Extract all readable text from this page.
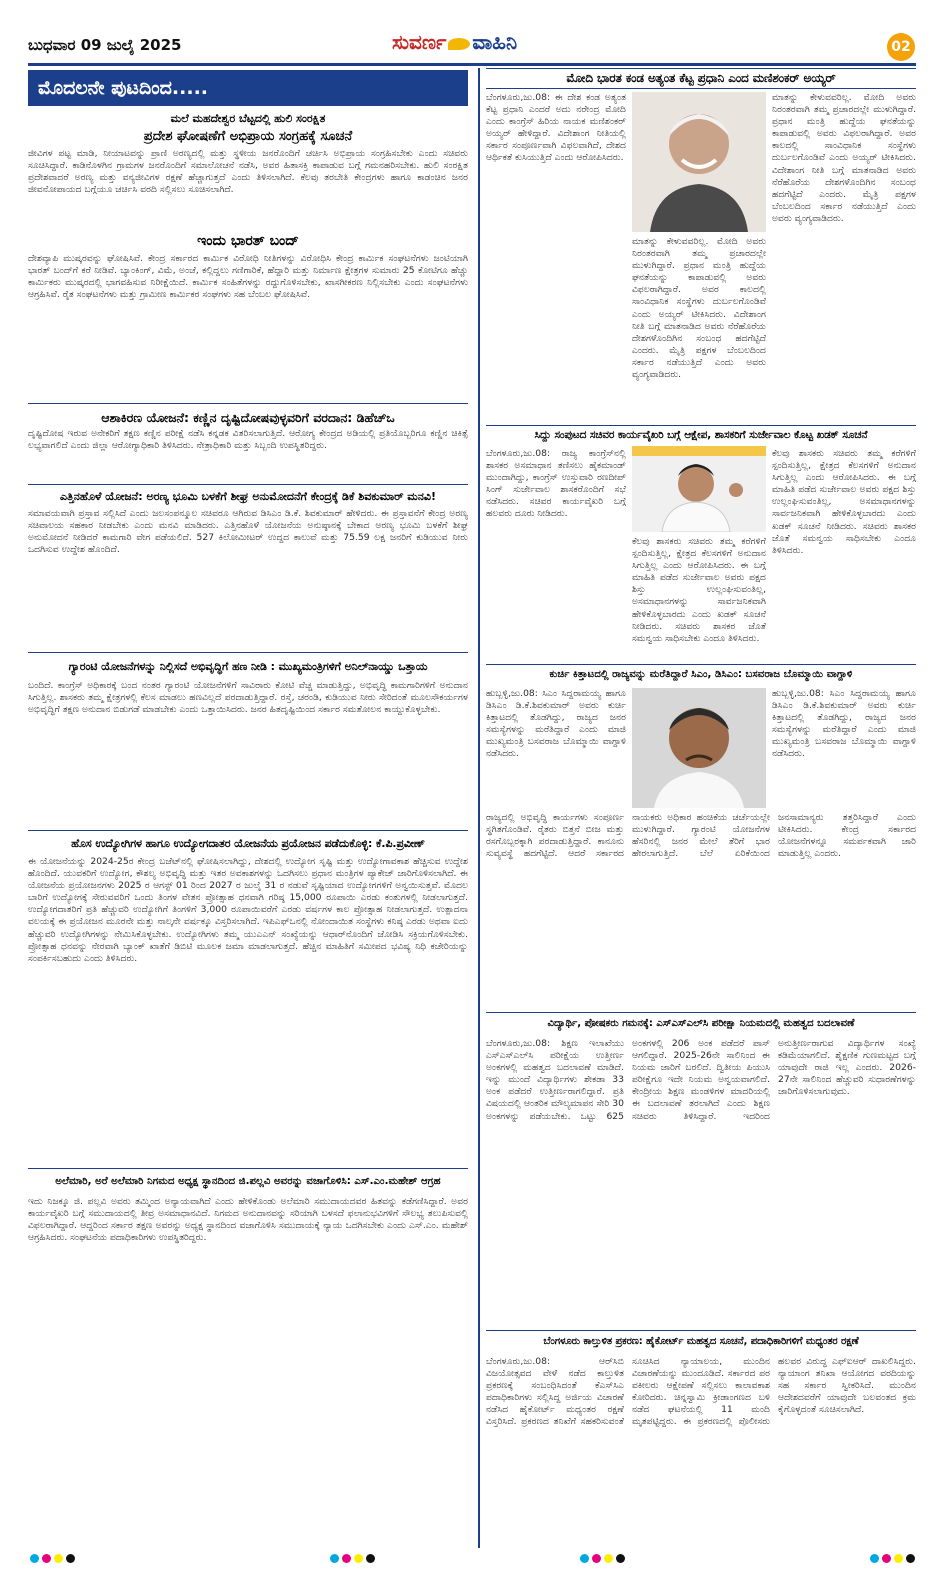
ಬುಧವಾರ 09 ಜುಲೈ 2025	ಸುವರ್ಣ ವಾಹಿನಿ	02
ಮೊದಲನೇ ಪುಟದಿಂದ.....
ಮಲೆ ಮಹದೇಶ್ವರ ಬೆಟ್ಟದಲ್ಲಿ ಹುಲಿ ಸಂರಕ್ಷಿತ
ಪ್ರದೇಶ ಘೋಷಣೆಗೆ ಅಭಿಪ್ರಾಯ ಸಂಗ್ರಹಕ್ಕೆ ಸೂಚನೆ
ಜೀವಿಗಳ ಪಟ್ಟ ಮಾಡಿ, ನೀಯಾಟವನ್ನು ಪ್ರಾಣಿ ಅರಣ್ಯದಲ್ಲಿ ಮತ್ತು ಸ್ಥಳೀಯ ಜನರೊಂದಿಗೆ ಚರ್ಚಿಸಿ ಅಭಿಪ್ರಾಯ ಸಂಗ್ರಹಿಸಬೇಕು ಎಂದು ಸಚಿವರು ಸೂಚಿಸಿದ್ದಾರೆ. ಕಾಡಿನೊಳಗಿನ ಗ್ರಾಮಗಳ ಜನರೊಂದಿಗೆ ಸಮಾಲೋಚನೆ ನಡೆಸಿ, ಅವರ ಹಿತಾಸಕ್ತಿ ಕಾಪಾಡುವ ಬಗ್ಗೆ ಗಮನಹರಿಸಬೇಕು. ಹುಲಿ ಸಂರಕ್ಷಿತ ಪ್ರದೇಶವಾದರೆ ಅರಣ್ಯ ಮತ್ತು ವನ್ಯಜೀವಿಗಳ ರಕ್ಷಣೆ ಹೆಚ್ಚಾಗುತ್ತದೆ ಎಂದು ತಿಳಿಸಲಾಗಿದೆ. ಕೆಲವು ತರಬೇತಿ ಕೇಂದ್ರಗಳು ಹಾಗೂ ಕಾಡಂಚಿನ ಜನರ ಜೀವನೋಪಾಯದ ಬಗ್ಗೆಯೂ ಚರ್ಚಿಸಿ ವರದಿ ಸಲ್ಲಿಸಲು ಸೂಚಿಸಲಾಗಿದೆ.
ಇಂದು ಭಾರತ್ ಬಂದ್
ದೇಶವ್ಯಾಪಿ ಮುಷ್ಕರವನ್ನು ಘೋಷಿಸಿವೆ. ಕೇಂದ್ರ ಸರ್ಕಾರದ ಕಾರ್ಮಿಕ ವಿರೋಧಿ ನೀತಿಗಳನ್ನು ವಿರೋಧಿಸಿ ಕೇಂದ್ರ ಕಾರ್ಮಿಕ ಸಂಘಟನೆಗಳು ಜಂಟಿಯಾಗಿ ಭಾರತ್ ಬಂದ್‌ಗೆ ಕರೆ ನೀಡಿವೆ. ಬ್ಯಾಂಕಿಂಗ್, ವಿಮೆ, ಅಂಚೆ, ಕಲ್ಲಿದ್ದಲು ಗಣಿಗಾರಿಕೆ, ಹೆದ್ದಾರಿ ಮತ್ತು ನಿರ್ಮಾಣ ಕ್ಷೇತ್ರಗಳ ಸುಮಾರು 25 ಕೋಟಿಗೂ ಹೆಚ್ಚು ಕಾರ್ಮಿಕರು ಮುಷ್ಕರದಲ್ಲಿ ಭಾಗವಹಿಸುವ ನಿರೀಕ್ಷೆಯಿದೆ. ಕಾರ್ಮಿಕ ಸಂಹಿತೆಗಳನ್ನು ರದ್ದುಗೊಳಿಸಬೇಕು, ಖಾಸಗೀಕರಣ ನಿಲ್ಲಿಸಬೇಕು ಎಂದು ಸಂಘಟನೆಗಳು ಆಗ್ರಹಿಸಿವೆ. ರೈತ ಸಂಘಟನೆಗಳು ಮತ್ತು ಗ್ರಾಮೀಣ ಕಾರ್ಮಿಕರ ಸಂಘಗಳು ಸಹ ಬೆಂಬಲ ಘೋಷಿಸಿವೆ.
ಆಶಾಕಿರಣ ಯೋಜನೆ: ಕಣ್ಣಿನ ದೃಷ್ಟಿದೋಷವುಳ್ಳವರಿಗೆ ವರದಾನ: ಡಿಹೆಚ್‌ಒ
ದೃಷ್ಟಿದೋಷ ಇರುವ ಅನೇಕರಿಗೆ ತಕ್ಷಣ ಕಣ್ಣಿನ ಪರೀಕ್ಷೆ ನಡೆಸಿ ಕನ್ನಡಕ ವಿತರಿಸಲಾಗುತ್ತಿದೆ. ಆರೋಗ್ಯ ಕೇಂದ್ರದ ಅಡಿಯಲ್ಲಿ ಪ್ರತಿಯೊಬ್ಬರಿಗೂ ಕಣ್ಣಿನ ಚಿಕಿತ್ಸೆ ಲಭ್ಯವಾಗಲಿದೆ ಎಂದು ಜಿಲ್ಲಾ ಆರೋಗ್ಯಾಧಿಕಾರಿ ತಿಳಿಸಿದರು. ನೇತ್ರಾಧಿಕಾರಿ ಮತ್ತು ಸಿಬ್ಬಂದಿ ಉಪಸ್ಥಿತರಿದ್ದರು.
ಎತ್ತಿನಹೊಳೆ ಯೋಜನೆ: ಅರಣ್ಯ ಭೂಮಿ ಬಳಕೆಗೆ ಶೀಘ್ರ ಅನುಮೋದನೆಗೆ ಕೇಂದ್ರಕ್ಕೆ ಡಿಕೆ ಶಿವಕುಮಾರ್ ಮನವಿ!
ಸಮಾವಯವಾಗಿ ಪ್ರಸ್ತಾವ ಸಲ್ಲಿಸಿದೆ ಎಂದು ಜಲಸಂಪನ್ಮೂಲ ಸಚಿವರೂ ಆಗಿರುವ ಡಿಸಿಎಂ ಡಿ.ಕೆ. ಶಿವಕುಮಾರ್ ಹೇಳಿದರು. ಈ ಪ್ರಸ್ತಾವನೆಗೆ ಕೇಂದ್ರ ಅರಣ್ಯ ಸಚಿವಾಲಯ ಸಹಕಾರ ನೀಡಬೇಕು ಎಂದು ಮನವಿ ಮಾಡಿದರು. ಎತ್ತಿನಹೊಳೆ ಯೋಜನೆಯ ಅನುಷ್ಠಾನಕ್ಕೆ ಬೇಕಾದ ಅರಣ್ಯ ಭೂಮಿ ಬಳಕೆಗೆ ಶೀಘ್ರ ಅನುಮೋದನೆ ನೀಡಿದರೆ ಕಾಮಗಾರಿ ವೇಗ ಪಡೆಯಲಿದೆ. 527 ಕಿಲೋಮೀಟರ್ ಉದ್ದದ ಕಾಲುವೆ ಮತ್ತು 75.59 ಲಕ್ಷ ಜನರಿಗೆ ಕುಡಿಯುವ ನೀರು ಒದಗಿಸುವ ಉದ್ದೇಶ ಹೊಂದಿದೆ.
ಗ್ಯಾರಂಟಿ ಯೋಜನೆಗಳನ್ನು ನಿಲ್ಲಿಸದೆ ಅಭಿವೃದ್ಧಿಗೆ ಹಣ ನೀಡಿ : ಮುಖ್ಯಮಂತ್ರಿಗಳಿಗೆ ಅನಿಲ್‌ನಾಯ್ಡು ಒತ್ತಾಯ
ಬಂದಿದೆ. ಕಾಂಗ್ರೆಸ್ ಅಧಿಕಾರಕ್ಕೆ ಬಂದ ನಂತರ ಗ್ಯಾರಂಟಿ ಯೋಜನೆಗಳಿಗೆ ಸಾವಿರಾರು ಕೋಟಿ ವೆಚ್ಚ ಮಾಡುತ್ತಿದ್ದು, ಅಭಿವೃದ್ಧಿ ಕಾಮಗಾರಿಗಳಿಗೆ ಅನುದಾನ ಸಿಗುತ್ತಿಲ್ಲ. ಶಾಸಕರು ತಮ್ಮ ಕ್ಷೇತ್ರಗಳಲ್ಲಿ ಕೆಲಸ ಮಾಡಲು ಹಣವಿಲ್ಲದೆ ಪರದಾಡುತ್ತಿದ್ದಾರೆ. ರಸ್ತೆ, ಚರಂಡಿ, ಕುಡಿಯುವ ನೀರು ಸೇರಿದಂತೆ ಮೂಲಸೌಕರ್ಯಗಳ ಅಭಿವೃದ್ಧಿಗೆ ತಕ್ಷಣ ಅನುದಾನ ಬಿಡುಗಡೆ ಮಾಡಬೇಕು ಎಂದು ಒತ್ತಾಯಿಸಿದರು. ಜನರ ಹಿತದೃಷ್ಟಿಯಿಂದ ಸರ್ಕಾರ ಸಮತೋಲನ ಕಾಯ್ದುಕೊಳ್ಳಬೇಕು.
ಹೊಸ ಉದ್ಯೋಗಿಗಳ ಹಾಗೂ ಉದ್ಯೋಗದಾತರ ಯೋಜನೆಯ ಪ್ರಯೋಜನ ಪಡೆದುಕೊಳ್ಳಿ: ಕೆ.ಪಿ.ಪ್ರವೀಣ್
ಈ ಯೋಜನೆಯನ್ನು 2024-25ರ ಕೇಂದ್ರ ಬಜೆಟ್‌ನಲ್ಲಿ ಘೋಷಿಸಲಾಗಿದ್ದು, ದೇಶದಲ್ಲಿ ಉದ್ಯೋಗ ಸೃಷ್ಟಿ ಮತ್ತು ಉದ್ಯೋಗಾವಕಾಶ ಹೆಚ್ಚಿಸುವ ಉದ್ದೇಶ ಹೊಂದಿದೆ. ಯುವಕರಿಗೆ ಉದ್ಯೋಗ, ಕೌಶಲ್ಯ ಅಭಿವೃದ್ಧಿ ಮತ್ತು ಇತರ ಅವಕಾಶಗಳನ್ನು ಒದಗಿಸಲು ಪ್ರಧಾನ ಮಂತ್ರಿಗಳ ಪ್ಯಾಕೇಜ್ ಜಾರಿಗೊಳಿಸಲಾಗಿದೆ. ಈ ಯೋಜನೆಯ ಪ್ರಯೋಜನಗಳು 2025 ರ ಆಗಸ್ಟ್ 01 ರಿಂದ 2027 ರ ಜುಲೈ 31 ರ ನಡುವೆ ಸೃಷ್ಟಿಯಾದ ಉದ್ಯೋಗಗಳಿಗೆ ಅನ್ವಯಿಸುತ್ತವೆ. ಮೊದಲ ಬಾರಿಗೆ ಉದ್ಯೋಗಕ್ಕೆ ಸೇರುವವರಿಗೆ ಒಂದು ತಿಂಗಳ ವೇತನ ಪ್ರೋತ್ಸಾಹ ಧನವಾಗಿ ಗರಿಷ್ಠ 15,000 ರೂಪಾಯಿ ಎರಡು ಕಂತುಗಳಲ್ಲಿ ನೀಡಲಾಗುತ್ತದೆ. ಉದ್ಯೋಗದಾತರಿಗೆ ಪ್ರತಿ ಹೆಚ್ಚುವರಿ ಉದ್ಯೋಗಿಗೆ ತಿಂಗಳಿಗೆ 3,000 ರೂಪಾಯಿವರೆಗೆ ಎರಡು ವರ್ಷಗಳ ಕಾಲ ಪ್ರೋತ್ಸಾಹ ನೀಡಲಾಗುತ್ತದೆ. ಉತ್ಪಾದನಾ ವಲಯಕ್ಕೆ ಈ ಪ್ರಯೋಜನ ಮೂರನೇ ಮತ್ತು ನಾಲ್ಕನೇ ವರ್ಷಕ್ಕೂ ವಿಸ್ತರಿಸಲಾಗಿದೆ. ಇಪಿಎಫ್‌ಒನಲ್ಲಿ ನೋಂದಾಯಿತ ಸಂಸ್ಥೆಗಳು ಕನಿಷ್ಠ ಎರಡು ಅಥವಾ ಐದು ಹೆಚ್ಚುವರಿ ಉದ್ಯೋಗಿಗಳನ್ನು ನೇಮಿಸಿಕೊಳ್ಳಬೇಕು. ಉದ್ಯೋಗಿಗಳು ತಮ್ಮ ಯುಎಎನ್ ಸಂಖ್ಯೆಯನ್ನು ಆಧಾರ್‌ನೊಂದಿಗೆ ಜೋಡಿಸಿ ಸಕ್ರಿಯಗೊಳಿಸಬೇಕು. ಪ್ರೋತ್ಸಾಹ ಧನವನ್ನು ನೇರವಾಗಿ ಬ್ಯಾಂಕ್ ಖಾತೆಗೆ ಡಿಬಿಟಿ ಮೂಲಕ ಜಮಾ ಮಾಡಲಾಗುತ್ತದೆ. ಹೆಚ್ಚಿನ ಮಾಹಿತಿಗೆ ಸಮೀಪದ ಭವಿಷ್ಯ ನಿಧಿ ಕಚೇರಿಯನ್ನು ಸಂಪರ್ಕಿಸಬಹುದು ಎಂದು ತಿಳಿಸಿದರು.
ಅಲೆಮಾರಿ, ಅರೆ ಅಲೆಮಾರಿ ನಿಗಮದ ಅಧ್ಯಕ್ಷ ಸ್ಥಾನದಿಂದ ಜಿ.ಪಲ್ಲವಿ ಅವರನ್ನು ವಜಾಗೊಳಿಸಿ: ಎಸ್.ಎಂ.ಮಹೇಶ್ ಆಗ್ರಹ
ಇದು ನಿಜಕ್ಕೂ ಜಿ. ಪಲ್ಲವಿ ಅವರು ತಮ್ಮಿಂದ ಅನ್ಯಾಯವಾಗಿದೆ ಎಂದು ಹೇಳಿಕೊಂಡು ಅಲೆಮಾರಿ ಸಮುದಾಯದವರ ಹಿತವನ್ನು ಕಡೆಗಣಿಸಿದ್ದಾರೆ. ಅವರ ಕಾರ್ಯವೈಖರಿ ಬಗ್ಗೆ ಸಮುದಾಯದಲ್ಲಿ ತೀವ್ರ ಅಸಮಾಧಾನವಿದೆ. ನಿಗಮದ ಅನುದಾನವನ್ನು ಸರಿಯಾಗಿ ಬಳಸದೆ ಫಲಾನುಭವಿಗಳಿಗೆ ಸೌಲಭ್ಯ ತಲುಪಿಸುವಲ್ಲಿ ವಿಫಲರಾಗಿದ್ದಾರೆ. ಆದ್ದರಿಂದ ಸರ್ಕಾರ ತಕ್ಷಣ ಅವರನ್ನು ಅಧ್ಯಕ್ಷ ಸ್ಥಾನದಿಂದ ವಜಾಗೊಳಿಸಿ ಸಮುದಾಯಕ್ಕೆ ನ್ಯಾಯ ಒದಗಿಸಬೇಕು ಎಂದು ಎಸ್.ಎಂ. ಮಹೇಶ್ ಆಗ್ರಹಿಸಿದರು. ಸಂಘಟನೆಯ ಪದಾಧಿಕಾರಿಗಳು ಉಪಸ್ಥಿತರಿದ್ದರು.
ಮೋದಿ ಭಾರತ ಕಂಡ ಅತ್ಯಂತ ಕೆಟ್ಟ ಪ್ರಧಾನಿ ಎಂದ ಮಣಿಶಂಕರ್ ಅಯ್ಯರ್
ಬೆಂಗಳೂರು,ಜು.08: ಈ ದೇಶ ಕಂಡ ಅತ್ಯಂತ ಕೆಟ್ಟ ಪ್ರಧಾನಿ ಎಂದರೆ ಅದು ನರೇಂದ್ರ ಮೋದಿ ಎಂದು ಕಾಂಗ್ರೆಸ್ ಹಿರಿಯ ನಾಯಕ ಮಣಿಶಂಕರ್ ಅಯ್ಯರ್ ಹೇಳಿದ್ದಾರೆ. ವಿದೇಶಾಂಗ ನೀತಿಯಲ್ಲಿ ಸರ್ಕಾರ ಸಂಪೂರ್ಣವಾಗಿ ವಿಫಲವಾಗಿದೆ, ದೇಶದ ಆರ್ಥಿಕತೆ ಕುಸಿಯುತ್ತಿದೆ ಎಂದು ಆರೋಪಿಸಿದರು.
ಮಾತನ್ನು ಕೇಳುವವರಿಲ್ಲ. ಮೋದಿ ಅವರು ನಿರಂತರವಾಗಿ ತಮ್ಮ ಪ್ರಚಾರದಲ್ಲೇ ಮುಳುಗಿದ್ದಾರೆ. ಪ್ರಧಾನ ಮಂತ್ರಿ ಹುದ್ದೆಯ ಘನತೆಯನ್ನು ಕಾಪಾಡುವಲ್ಲಿ ಅವರು ವಿಫಲರಾಗಿದ್ದಾರೆ. ಅವರ ಕಾಲದಲ್ಲಿ ಸಾಂವಿಧಾನಿಕ ಸಂಸ್ಥೆಗಳು ದುರ್ಬಲಗೊಂಡಿವೆ ಎಂದು ಅಯ್ಯರ್ ಟೀಕಿಸಿದರು. ವಿದೇಶಾಂಗ ನೀತಿ ಬಗ್ಗೆ ಮಾತನಾಡಿದ ಅವರು ನೆರೆಹೊರೆಯ ದೇಶಗಳೊಂದಿಗಿನ ಸಂಬಂಧ ಹದಗೆಟ್ಟಿದೆ ಎಂದರು. ಮೈತ್ರಿ ಪಕ್ಷಗಳ ಬೆಂಬಲದಿಂದ ಸರ್ಕಾರ ನಡೆಯುತ್ತಿದೆ ಎಂದು ಅವರು ವ್ಯಂಗ್ಯವಾಡಿದರು.
ಮಾತನ್ನು ಕೇಳುವವರಿಲ್ಲ. ಮೋದಿ ಅವರು ನಿರಂತರವಾಗಿ ತಮ್ಮ ಪ್ರಚಾರದಲ್ಲೇ ಮುಳುಗಿದ್ದಾರೆ. ಪ್ರಧಾನ ಮಂತ್ರಿ ಹುದ್ದೆಯ ಘನತೆಯನ್ನು ಕಾಪಾಡುವಲ್ಲಿ ಅವರು ವಿಫಲರಾಗಿದ್ದಾರೆ. ಅವರ ಕಾಲದಲ್ಲಿ ಸಾಂವಿಧಾನಿಕ ಸಂಸ್ಥೆಗಳು ದುರ್ಬಲಗೊಂಡಿವೆ ಎಂದು ಅಯ್ಯರ್ ಟೀಕಿಸಿದರು. ವಿದೇಶಾಂಗ ನೀತಿ ಬಗ್ಗೆ ಮಾತನಾಡಿದ ಅವರು ನೆರೆಹೊರೆಯ ದೇಶಗಳೊಂದಿಗಿನ ಸಂಬಂಧ ಹದಗೆಟ್ಟಿದೆ ಎಂದರು. ಮೈತ್ರಿ ಪಕ್ಷಗಳ ಬೆಂಬಲದಿಂದ ಸರ್ಕಾರ ನಡೆಯುತ್ತಿದೆ ಎಂದು ಅವರು ವ್ಯಂಗ್ಯವಾಡಿದರು.
ಸಿದ್ದು ಸಂಪುಟದ ಸಚಿವರ ಕಾರ್ಯವೈಖರಿ ಬಗ್ಗೆ ಆಕ್ಷೇಪ, ಶಾಸಕರಿಗೆ ಸುರ್ಜೇವಾಲ ಕೊಟ್ಟ ಖಡಕ್ ಸೂಚನೆ
ಬೆಂಗಳೂರು,ಜು.08: ರಾಜ್ಯ ಕಾಂಗ್ರೆಸ್‌ನಲ್ಲಿ ಶಾಸಕರ ಅಸಮಾಧಾನ ತಣಿಸಲು ಹೈಕಮಾಂಡ್ ಮುಂದಾಗಿದ್ದು, ಕಾಂಗ್ರೆಸ್ ಉಸ್ತುವಾರಿ ರಣದೀಪ್ ಸಿಂಗ್ ಸುರ್ಜೇವಾಲ ಶಾಸಕರೊಂದಿಗೆ ಸಭೆ ನಡೆಸಿದರು. ಸಚಿವರ ಕಾರ್ಯವೈಖರಿ ಬಗ್ಗೆ ಹಲವರು ದೂರು ನೀಡಿದರು.
ಕೆಲವು ಶಾಸಕರು ಸಚಿವರು ತಮ್ಮ ಕರೆಗಳಿಗೆ ಸ್ಪಂದಿಸುತ್ತಿಲ್ಲ, ಕ್ಷೇತ್ರದ ಕೆಲಸಗಳಿಗೆ ಅನುದಾನ ಸಿಗುತ್ತಿಲ್ಲ ಎಂದು ಆರೋಪಿಸಿದರು. ಈ ಬಗ್ಗೆ ಮಾಹಿತಿ ಪಡೆದ ಸುರ್ಜೇವಾಲ ಅವರು ಪಕ್ಷದ ಶಿಸ್ತು ಉಲ್ಲಂಘಿಸುವಂತಿಲ್ಲ, ಅಸಮಾಧಾನಗಳನ್ನು ಸಾರ್ವಜನಿಕವಾಗಿ ಹೇಳಿಕೊಳ್ಳಬಾರದು ಎಂದು ಖಡಕ್ ಸೂಚನೆ ನೀಡಿದರು. ಸಚಿವರು ಶಾಸಕರ ಜೊತೆ ಸಮನ್ವಯ ಸಾಧಿಸಬೇಕು ಎಂದೂ ತಿಳಿಸಿದರು.
ಕೆಲವು ಶಾಸಕರು ಸಚಿವರು ತಮ್ಮ ಕರೆಗಳಿಗೆ ಸ್ಪಂದಿಸುತ್ತಿಲ್ಲ, ಕ್ಷೇತ್ರದ ಕೆಲಸಗಳಿಗೆ ಅನುದಾನ ಸಿಗುತ್ತಿಲ್ಲ ಎಂದು ಆರೋಪಿಸಿದರು. ಈ ಬಗ್ಗೆ ಮಾಹಿತಿ ಪಡೆದ ಸುರ್ಜೇವಾಲ ಅವರು ಪಕ್ಷದ ಶಿಸ್ತು ಉಲ್ಲಂಘಿಸುವಂತಿಲ್ಲ, ಅಸಮಾಧಾನಗಳನ್ನು ಸಾರ್ವಜನಿಕವಾಗಿ ಹೇಳಿಕೊಳ್ಳಬಾರದು ಎಂದು ಖಡಕ್ ಸೂಚನೆ ನೀಡಿದರು. ಸಚಿವರು ಶಾಸಕರ ಜೊತೆ ಸಮನ್ವಯ ಸಾಧಿಸಬೇಕು ಎಂದೂ ತಿಳಿಸಿದರು.
ಕುರ್ಚಿ ಕಿತ್ತಾಟದಲ್ಲಿ ರಾಜ್ಯವನ್ನು ಮರೆತಿದ್ದಾರೆ ಸಿಎಂ, ಡಿಸಿಎಂ: ಬಸವರಾಜ ಬೊಮ್ಮಾಯಿ ವಾಗ್ದಾಳಿ
ಹುಬ್ಬಳ್ಳಿ,ಜು.08: ಸಿಎಂ ಸಿದ್ದರಾಮಯ್ಯ ಹಾಗೂ ಡಿಸಿಎಂ ಡಿ.ಕೆ.ಶಿವಕುಮಾರ್ ಅವರು ಕುರ್ಚಿ ಕಿತ್ತಾಟದಲ್ಲಿ ತೊಡಗಿದ್ದು, ರಾಜ್ಯದ ಜನರ ಸಮಸ್ಯೆಗಳನ್ನು ಮರೆತಿದ್ದಾರೆ ಎಂದು ಮಾಜಿ ಮುಖ್ಯಮಂತ್ರಿ ಬಸವರಾಜ ಬೊಮ್ಮಾಯಿ ವಾಗ್ದಾಳಿ ನಡೆಸಿದರು.
ಹುಬ್ಬಳ್ಳಿ,ಜು.08: ಸಿಎಂ ಸಿದ್ದರಾಮಯ್ಯ ಹಾಗೂ ಡಿಸಿಎಂ ಡಿ.ಕೆ.ಶಿವಕುಮಾರ್ ಅವರು ಕುರ್ಚಿ ಕಿತ್ತಾಟದಲ್ಲಿ ತೊಡಗಿದ್ದು, ರಾಜ್ಯದ ಜನರ ಸಮಸ್ಯೆಗಳನ್ನು ಮರೆತಿದ್ದಾರೆ ಎಂದು ಮಾಜಿ ಮುಖ್ಯಮಂತ್ರಿ ಬಸವರಾಜ ಬೊಮ್ಮಾಯಿ ವಾಗ್ದಾಳಿ ನಡೆಸಿದರು.
ರಾಜ್ಯದಲ್ಲಿ ಅಭಿವೃದ್ಧಿ ಕಾರ್ಯಗಳು ಸಂಪೂರ್ಣ ಸ್ಥಗಿತಗೊಂಡಿವೆ. ರೈತರು ಬಿತ್ತನೆ ಬೀಜ ಮತ್ತು ರಸಗೊಬ್ಬರಕ್ಕಾಗಿ ಪರದಾಡುತ್ತಿದ್ದಾರೆ. ಕಾನೂನು ಸುವ್ಯವಸ್ಥೆ ಹದಗೆಟ್ಟಿದೆ. ಆದರೆ ಸರ್ಕಾರದ ನಾಯಕರು ಅಧಿಕಾರ ಹಂಚಿಕೆಯ ಚರ್ಚೆಯಲ್ಲೇ ಮುಳುಗಿದ್ದಾರೆ. ಗ್ಯಾರಂಟಿ ಯೋಜನೆಗಳ ಹೆಸರಿನಲ್ಲಿ ಜನರ ಮೇಲೆ ತೆರಿಗೆ ಭಾರ ಹೇರಲಾಗುತ್ತಿದೆ. ಬೆಲೆ ಏರಿಕೆಯಿಂದ ಜನಸಾಮಾನ್ಯರು ತತ್ತರಿಸಿದ್ದಾರೆ ಎಂದು ಟೀಕಿಸಿದರು. ಕೇಂದ್ರ ಸರ್ಕಾರದ ಯೋಜನೆಗಳನ್ನೂ ಸಮರ್ಪಕವಾಗಿ ಜಾರಿ ಮಾಡುತ್ತಿಲ್ಲ ಎಂದರು.
ವಿದ್ಯಾರ್ಥಿ, ಪೋಷಕರು ಗಮನಕ್ಕೆ: ಎಸ್‌ಎಸ್‌ಎಲ್‌ಸಿ ಪರೀಕ್ಷಾ ನಿಯಮದಲ್ಲಿ ಮಹತ್ವದ ಬದಲಾವಣೆ
ಬೆಂಗಳೂರು,ಜು.08: ಶಿಕ್ಷಣ ಇಲಾಖೆಯು ಎಸ್‌ಎಸ್‌ಎಲ್‌ಸಿ ಪರೀಕ್ಷೆಯ ಉತ್ತೀರ್ಣ ಅಂಕಗಳಲ್ಲಿ ಮಹತ್ವದ ಬದಲಾವಣೆ ಮಾಡಿದೆ. ಇನ್ನು ಮುಂದೆ ವಿದ್ಯಾರ್ಥಿಗಳು ಶೇಕಡಾ 33 ಅಂಕ ಪಡೆದರೆ ಉತ್ತೀರ್ಣರಾಗಲಿದ್ದಾರೆ. ಪ್ರತಿ ವಿಷಯದಲ್ಲಿ ಆಂತರಿಕ ಮೌಲ್ಯಮಾಪನ ಸೇರಿ 30 ಅಂಕಗಳನ್ನು ಪಡೆಯಬೇಕು. ಒಟ್ಟು 625 ಅಂಕಗಳಲ್ಲಿ 206 ಅಂಕ ಪಡೆದರೆ ಪಾಸ್ ಆಗಲಿದ್ದಾರೆ. 2025-26ನೇ ಸಾಲಿನಿಂದ ಈ ನಿಯಮ ಜಾರಿಗೆ ಬರಲಿದೆ. ದ್ವಿತೀಯ ಪಿಯುಸಿ ಪರೀಕ್ಷೆಗೂ ಇದೇ ನಿಯಮ ಅನ್ವಯವಾಗಲಿದೆ. ಕೇಂದ್ರೀಯ ಶಿಕ್ಷಣ ಮಂಡಳಿಗಳ ಮಾದರಿಯಲ್ಲಿ ಈ ಬದಲಾವಣೆ ತರಲಾಗಿದೆ ಎಂದು ಶಿಕ್ಷಣ ಸಚಿವರು ತಿಳಿಸಿದ್ದಾರೆ. ಇದರಿಂದ ಅನುತ್ತೀರ್ಣರಾಗುವ ವಿದ್ಯಾರ್ಥಿಗಳ ಸಂಖ್ಯೆ ಕಡಿಮೆಯಾಗಲಿದೆ. ಶೈಕ್ಷಣಿಕ ಗುಣಮಟ್ಟದ ಬಗ್ಗೆ ಯಾವುದೇ ರಾಜಿ ಇಲ್ಲ ಎಂದರು. 2026-27ನೇ ಸಾಲಿನಿಂದ ಹೆಚ್ಚುವರಿ ಸುಧಾರಣೆಗಳನ್ನು ಜಾರಿಗೊಳಿಸಲಾಗುವುದು.
ಬೆಂಗಳೂರು ಕಾಲ್ತುಳಿತ ಪ್ರಕರಣ: ಹೈಕೋರ್ಟ್ ಮಹತ್ವದ ಸೂಚನೆ, ಪದಾಧಿಕಾರಿಗಳಿಗೆ ಮಧ್ಯಂತರ ರಕ್ಷಣೆ
ಬೆಂಗಳೂರು,ಜು.08: ಆರ್‌ಸಿಬಿ ವಿಜಯೋತ್ಸವದ ವೇಳೆ ನಡೆದ ಕಾಲ್ತುಳಿತ ಪ್ರಕರಣಕ್ಕೆ ಸಂಬಂಧಿಸಿದಂತೆ ಕೆಎಸ್‌ಸಿಎ ಪದಾಧಿಕಾರಿಗಳು ಸಲ್ಲಿಸಿದ್ದ ಅರ್ಜಿಯ ವಿಚಾರಣೆ ನಡೆಸಿದ ಹೈಕೋರ್ಟ್ ಮಧ್ಯಂತರ ರಕ್ಷಣೆ ವಿಸ್ತರಿಸಿದೆ. ಪ್ರಕರಣದ ತನಿಖೆಗೆ ಸಹಕರಿಸುವಂತೆ ಸೂಚಿಸಿದ ನ್ಯಾಯಾಲಯ, ಮುಂದಿನ ವಿಚಾರಣೆಯನ್ನು ಮುಂದೂಡಿದೆ. ಸರ್ಕಾರದ ಪರ ವಕೀಲರು ಆಕ್ಷೇಪಣೆ ಸಲ್ಲಿಸಲು ಕಾಲಾವಕಾಶ ಕೋರಿದರು. ಚಿನ್ನಸ್ವಾಮಿ ಕ್ರೀಡಾಂಗಣದ ಬಳಿ ನಡೆದ ಘಟನೆಯಲ್ಲಿ 11 ಮಂದಿ ಮೃತಪಟ್ಟಿದ್ದರು. ಈ ಪ್ರಕರಣದಲ್ಲಿ ಪೊಲೀಸರು ಹಲವರ ವಿರುದ್ಧ ಎಫ್‌ಐಆರ್ ದಾಖಲಿಸಿದ್ದರು. ನ್ಯಾಯಾಂಗ ತನಿಖಾ ಆಯೋಗದ ವರದಿಯನ್ನು ಸಹ ಸರ್ಕಾರ ಸ್ವೀಕರಿಸಿದೆ. ಮುಂದಿನ ಆದೇಶದವರೆಗೆ ಯಾವುದೇ ಬಲವಂತದ ಕ್ರಮ ಕೈಗೊಳ್ಳದಂತೆ ಸೂಚಿಸಲಾಗಿದೆ.
